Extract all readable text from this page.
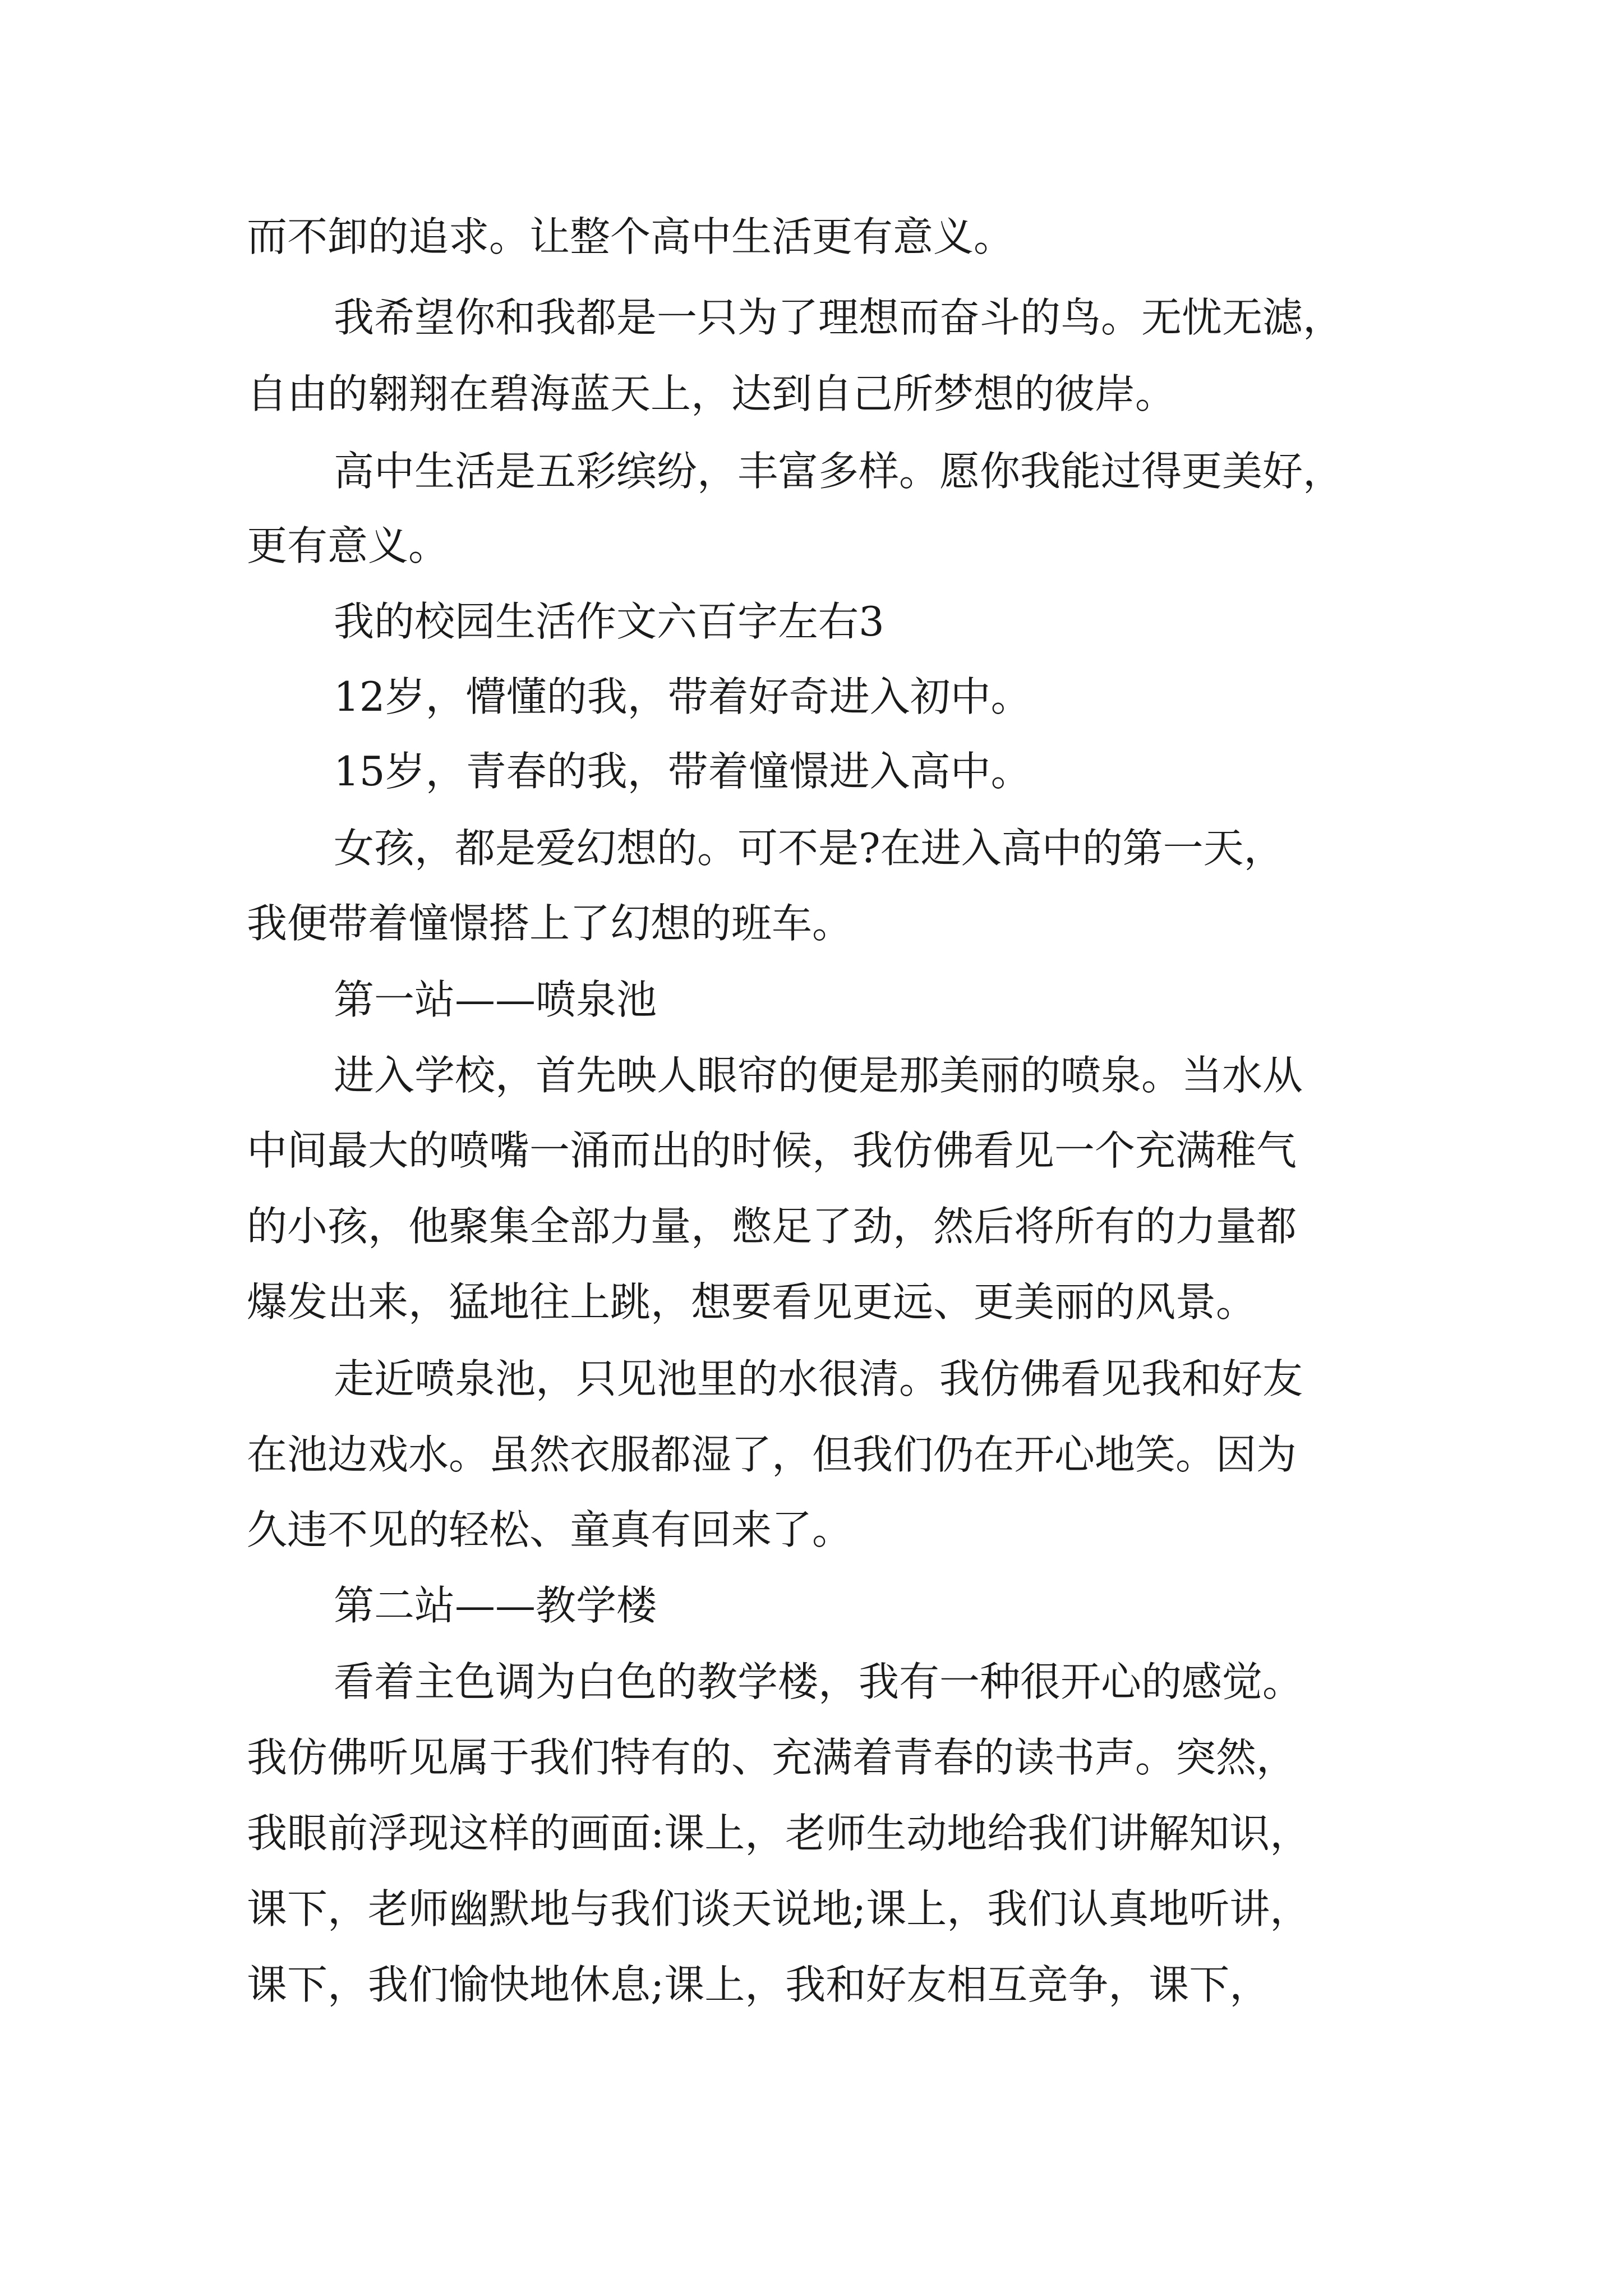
而不卸的追求。让整个高中生活更有意义。
我希望你和我都是一只为了理想而奋斗的鸟。无忧无滤，
自由的翱翔在碧海蓝天上，达到自己所梦想的彼岸。
高中生活是五彩缤纷，丰富多样。愿你我能过得更美好，
更有意义。
我的校园生活作文六百字左右3
12岁，懵懂的我，带着好奇进入初中。
15岁，青春的我，带着憧憬进入高中。
女孩，都是爱幻想的。可不是?在进入高中的第一天，
我便带着憧憬搭上了幻想的班车。
第一站——喷泉池
进入学校，首先映人眼帘的便是那美丽的喷泉。当水从
中间最大的喷嘴一涌而出的时候，我仿佛看见一个充满稚气
的小孩，他聚集全部力量，憋足了劲，然后将所有的力量都
爆发出来，猛地往上跳，想要看见更远、更美丽的风景。
走近喷泉池，只见池里的水很清。我仿佛看见我和好友
在池边戏水。虽然衣服都湿了，但我们仍在开心地笑。因为
久违不见的轻松、童真有回来了。
第二站——教学楼
看着主色调为白色的教学楼，我有一种很开心的感觉。
我仿佛听见属于我们特有的、充满着青春的读书声。突然，
我眼前浮现这样的画面:课上，老师生动地给我们讲解知识，
课下，老师幽默地与我们谈天说地;课上，我们认真地听讲，
课下，我们愉快地休息;课上，我和好友相互竞争，课下，
